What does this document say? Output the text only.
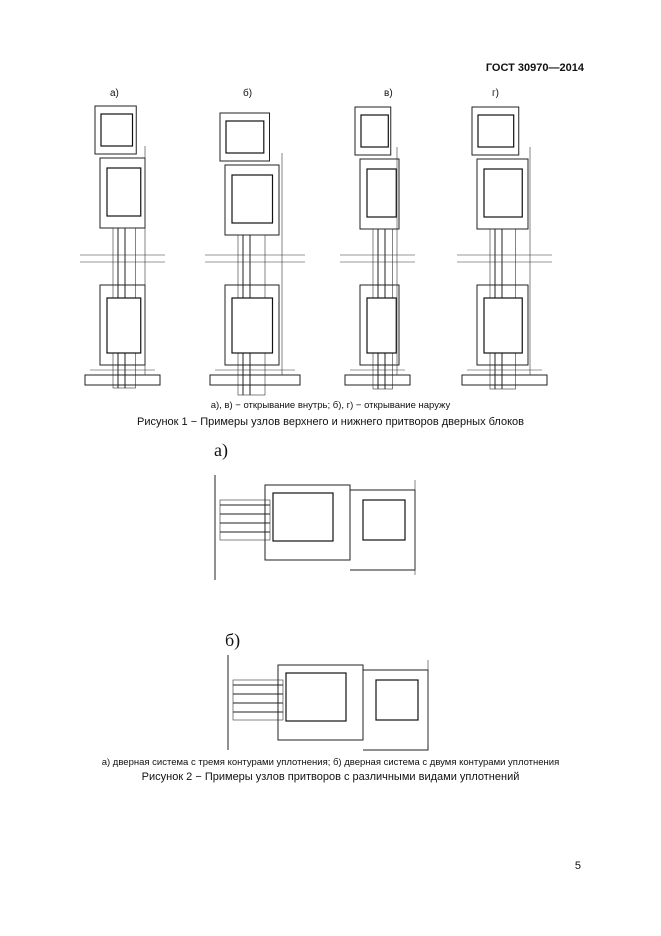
ГОСТ 30970—2014
а)	б)	в)	г)
а), в) − открывание внутрь; б), г) − открывание наружу
Рисунок 1 − Примеры узлов верхнего и нижнего притворов дверных блоков
а)
б)
а) дверная система с тремя контурами уплотнения; б) дверная система с двумя контурами уплотнения
Рисунок 2 − Примеры узлов притворов с различными видами уплотнений
5
